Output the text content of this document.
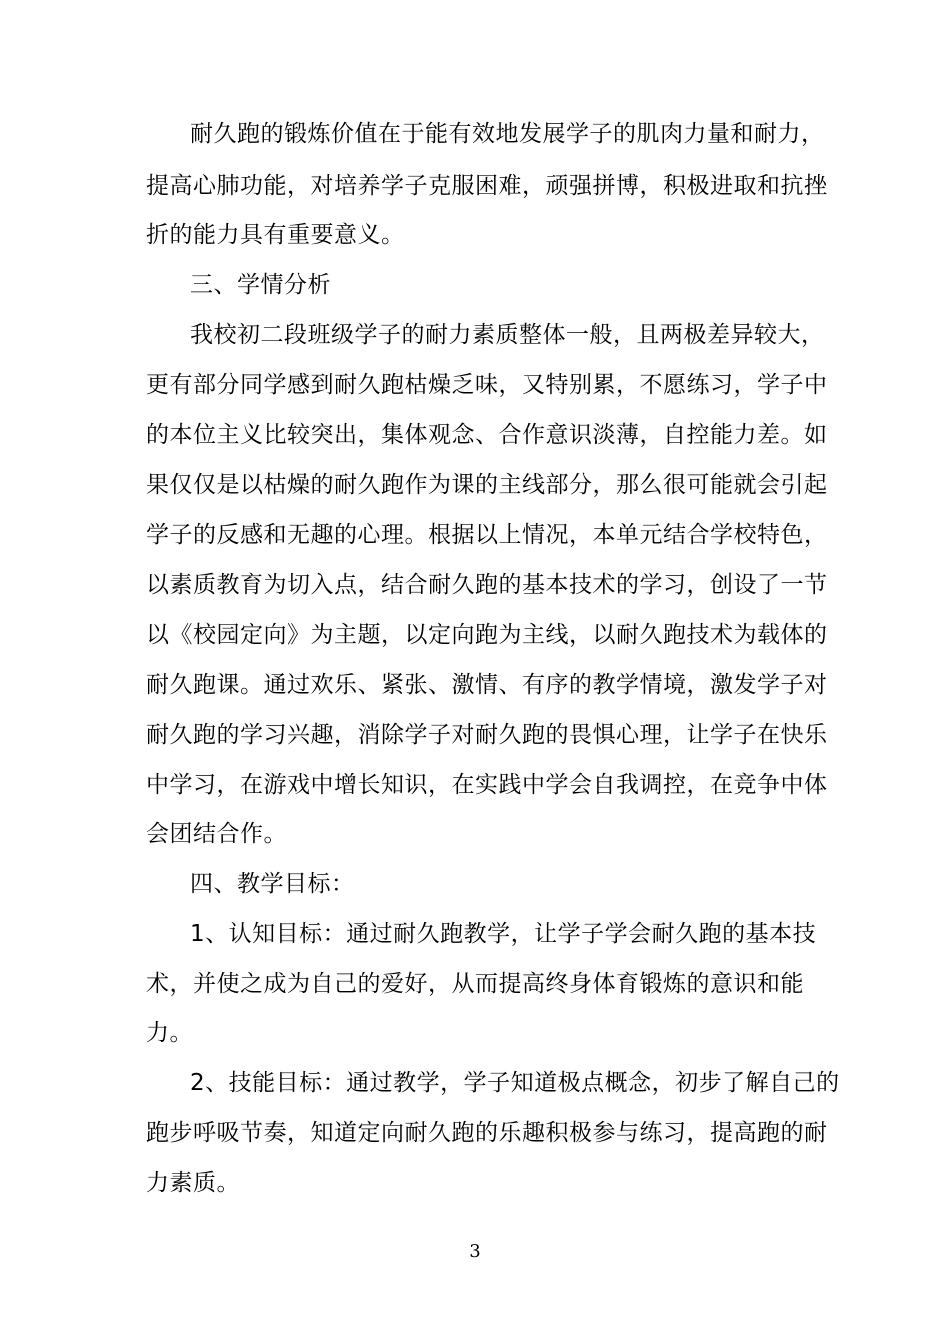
耐久跑的锻炼价值在于能有效地发展学子的肌肉力量和耐力，
提高心肺功能，对培养学子克服困难，顽强拼博，积极进取和抗挫
折的能力具有重要意义。
三、学情分析
我校初二段班级学子的耐力素质整体一般，且两极差异较大，
更有部分同学感到耐久跑枯燥乏味，又特别累，不愿练习，学子中
的本位主义比较突出，集体观念、合作意识淡薄，自控能力差。如
果仅仅是以枯燥的耐久跑作为课的主线部分，那么很可能就会引起
学子的反感和无趣的心理。根据以上情况，本单元结合学校特色，
以素质教育为切入点，结合耐久跑的基本技术的学习，创设了一节
以《校园定向》为主题，以定向跑为主线，以耐久跑技术为载体的
耐久跑课。通过欢乐、紧张、激情、有序的教学情境，激发学子对
耐久跑的学习兴趣，消除学子对耐久跑的畏惧心理，让学子在快乐
中学习，在游戏中增长知识，在实践中学会自我调控，在竞争中体
会团结合作。
四、教学目标：
1、认知目标：通过耐久跑教学，让学子学会耐久跑的基本技
术，并使之成为自己的爱好，从而提高终身体育锻炼的意识和能
力。
2、技能目标：通过教学，学子知道极点概念，初步了解自己的
跑步呼吸节奏，知道定向耐久跑的乐趣积极参与练习，提高跑的耐
力素质。
3
